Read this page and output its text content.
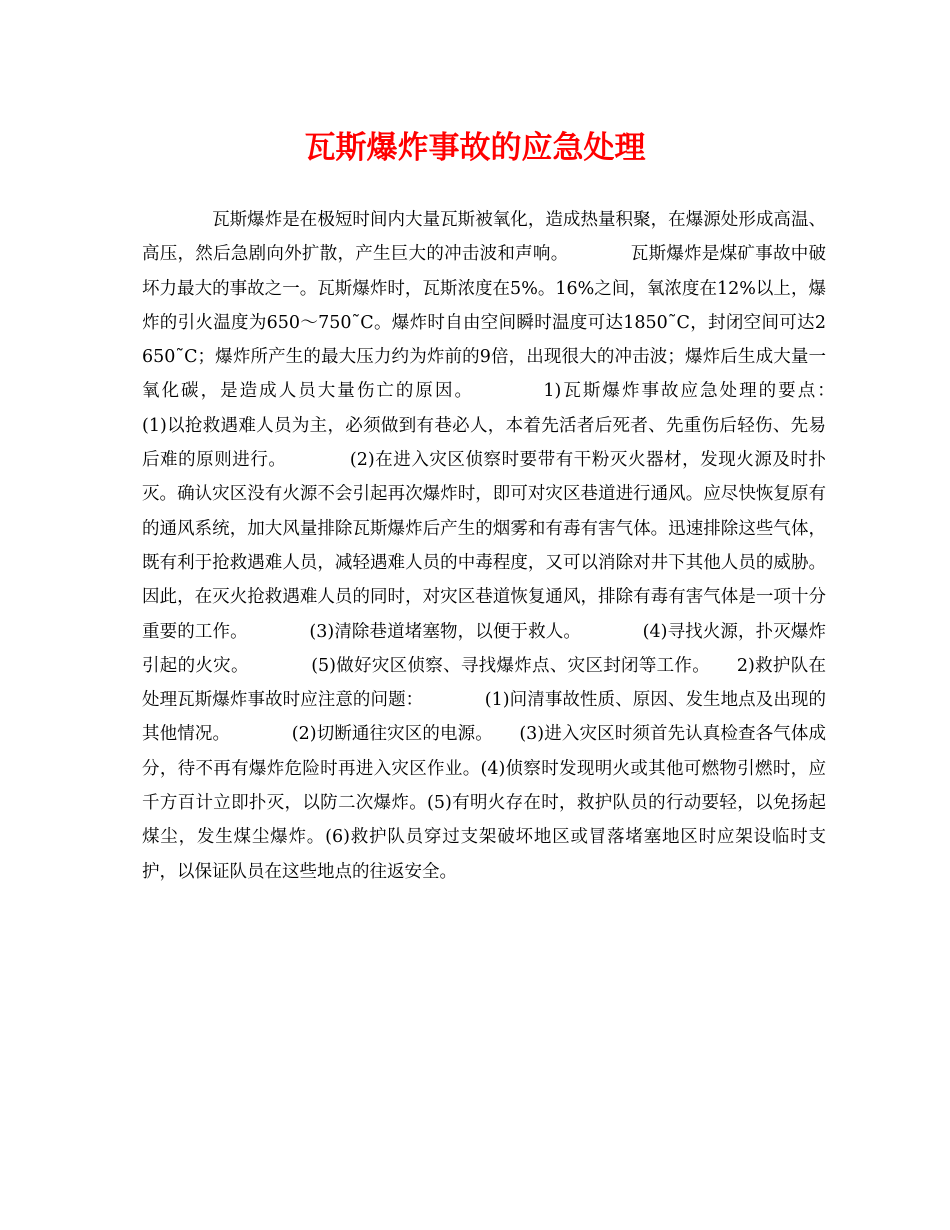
瓦斯爆炸事故的应急处理

　　瓦斯爆炸是在极短时间内大量瓦斯被氧化，造成热量积聚，在爆源处形成高温、高压，然后急剧向外扩散，产生巨大的冲击波和声响。　　　　瓦斯爆炸是煤矿事故中破坏力最大的事故之一。瓦斯爆炸时，瓦斯浓度在5%。16%之间，氧浓度在12%以上，爆炸的引火温度为650～750˜C。爆炸时自由空间瞬时温度可达1850˜C，封闭空间可达2650˜C；爆炸所产生的最大压力约为炸前的9倍，出现很大的冲击波；爆炸后生成大量一氧化碳，是造成人员大量伤亡的原因。　　　　1)瓦斯爆炸事故应急处理的要点：　　　　(1)以抢救遇难人员为主，必须做到有巷必人，本着先活者后死者、先重伤后轻伤、先易后难的原则进行。　　　　(2)在进入灾区侦察时要带有干粉灭火器材，发现火源及时扑灭。确认灾区没有火源不会引起再次爆炸时，即可对灾区巷道进行通风。应尽快恢复原有的通风系统，加大风量排除瓦斯爆炸后产生的烟雾和有毒有害气体。迅速排除这些气体，既有利于抢救遇难人员，减轻遇难人员的中毒程度，又可以消除对井下其他人员的威胁。因此，在灭火抢救遇难人员的同时，对灾区巷道恢复通风，排除有毒有害气体是一项十分重要的工作。　　　　(3)清除巷道堵塞物，以便于救人。　　　　(4)寻找火源，扑灭爆炸引起的火灾。　　　　(5)做好灾区侦察、寻找爆炸点、灾区封闭等工作。　　2)救护队在处理瓦斯爆炸事故时应注意的问题：　　　　(1)问清事故性质、原因、发生地点及出现的其他情况。　　　　(2)切断通往灾区的电源。　　(3)进入灾区时须首先认真检查各气体成分，待不再有爆炸危险时再进入灾区作业。(4)侦察时发现明火或其他可燃物引燃时，应千方百计立即扑灭，以防二次爆炸。(5)有明火存在时，救护队员的行动要轻，以免扬起煤尘，发生煤尘爆炸。(6)救护队员穿过支架破坏地区或冒落堵塞地区时应架设临时支护，以保证队员在这些地点的往返安全。
